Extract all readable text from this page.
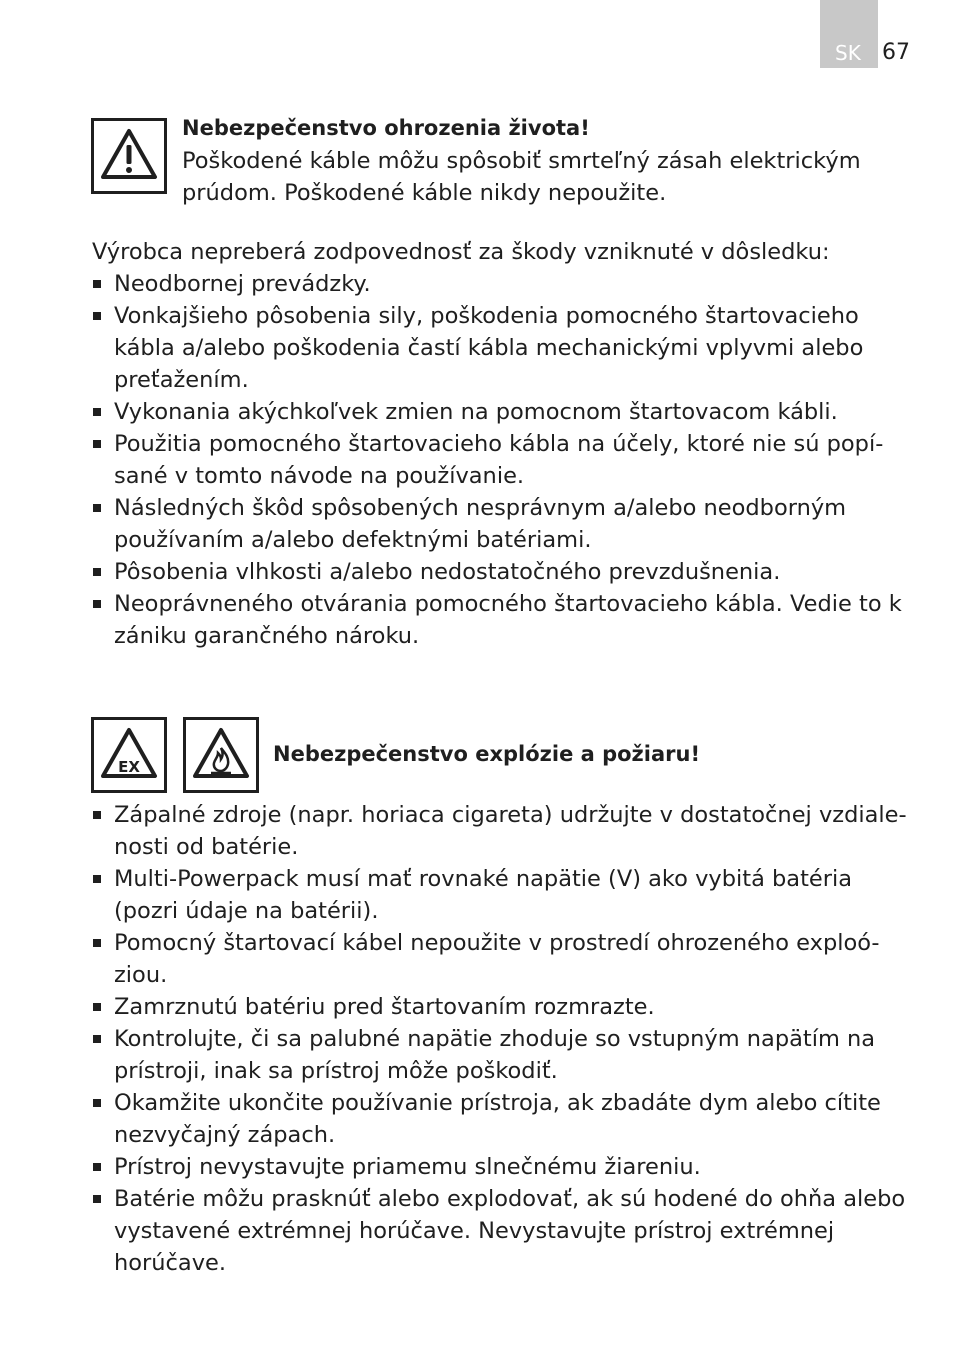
SK 67
Nebezpečenstvo ohrozenia života!
Poškodené káble môžu spôsobiť smrteľný zásah elektrickým
prúdom. Poškodené káble nikdy nepoužite.
Výrobca nepreberá zodpovednosť za škody vzniknuté v dôsledku:
Neodbornej prevádzky.
Vonkajšieho pôsobenia sily, poškodenia pomocného štartovacieho kábla a/alebo poškodenia častí kábla mechanickými vplyvmi alebo preťažením.
Vykonania akýchkoľvek zmien na pomocnom štartovacom kábli.
Použitia pomocného štartovacieho kábla na účely, ktoré nie sú popí-sané v tomto návode na používanie.
Následných škôd spôsobených nesprávnym a/alebo neodborným používaním a/alebo defektnými batériami.
Pôsobenia vlhkosti a/alebo nedostatočného prevzdušnenia.
Neoprávneného otvárania pomocného štartovacieho kábla. Vedie to k zániku garančného nároku.
EX
Nebezpečenstvo explózie a požiaru!
Zápalné zdroje (napr. horiaca cigareta) udržujte v dostatočnej vzdiale-nosti od batérie.
Multi-Powerpack musí mať rovnaké napätie (V) ako vybitá batéria (pozri údaje na batérii).
Pomocný štartovací kábel nepoužite v prostredí ohrozeného exploó-ziou.
Zamrznutú batériu pred štartovaním rozmrazte.
Kontrolujte, či sa palubné napätie zhoduje so vstupným napätím na prístroji, inak sa prístroj môže poškodiť.
Okamžite ukončite používanie prístroja, ak zbadáte dym alebo cítite nezvyčajný zápach.
Prístroj nevystavujte priamemu slnečnému žiareniu.
Batérie môžu prasknúť alebo explodovať, ak sú hodené do ohňa alebo vystavené extrémnej horúčave. Nevystavujte prístroj extrémnej horúčave.
